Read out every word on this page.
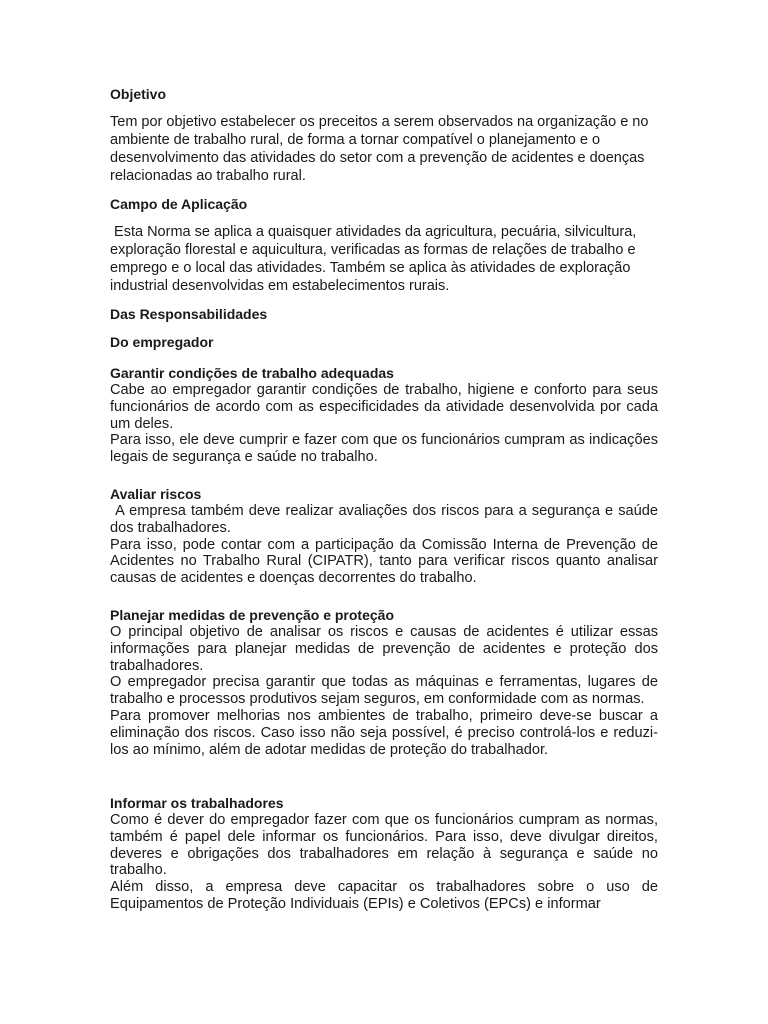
Objetivo

Tem por objetivo estabelecer os preceitos a serem observados na organização e no ambiente de trabalho rural, de forma a tornar compatível o planejamento e o desenvolvimento das atividades do setor com a prevenção de acidentes e doenças relacionadas ao trabalho rural.

Campo de Aplicação

Esta Norma se aplica a quaisquer atividades da agricultura, pecuária, silvicultura, exploração florestal e aquicultura, verificadas as formas de relações de trabalho e emprego e o local das atividades. Também se aplica às atividades de exploração industrial desenvolvidas em estabelecimentos rurais.

Das Responsabilidades
Do empregador
Garantir condições de trabalho adequadas

Cabe ao empregador garantir condições de trabalho, higiene e conforto para seus funcionários de acordo com as especificidades da atividade desenvolvida por cada um deles.

Para isso, ele deve cumprir e fazer com que os funcionários cumpram as indicações legais de segurança e saúde no trabalho.

Avaliar riscos

A empresa também deve realizar avaliações dos riscos para a segurança e saúde dos trabalhadores.

Para isso, pode contar com a participação da Comissão Interna de Prevenção de Acidentes no Trabalho Rural (CIPATR), tanto para verificar riscos quanto analisar causas de acidentes e doenças decorrentes do trabalho.

Planejar medidas de prevenção e proteção

O principal objetivo de analisar os riscos e causas de acidentes é utilizar essas informações para planejar medidas de prevenção de acidentes e proteção dos trabalhadores.

O empregador precisa garantir que todas as máquinas e ferramentas, lugares de trabalho e processos produtivos sejam seguros, em conformidade com as normas.

Para promover melhorias nos ambientes de trabalho, primeiro deve-se buscar a eliminação dos riscos. Caso isso não seja possível, é preciso controlá-los e reduzi-los ao mínimo, além de adotar medidas de proteção do trabalhador.

Informar os trabalhadores

Como é dever do empregador fazer com que os funcionários cumpram as normas, também é papel dele informar os funcionários. Para isso, deve divulgar direitos, deveres e obrigações dos trabalhadores em relação à segurança e saúde no trabalho.

Além disso, a empresa deve capacitar os trabalhadores sobre o uso de Equipamentos de Proteção Individuais (EPIs) e Coletivos (EPCs) e informar
